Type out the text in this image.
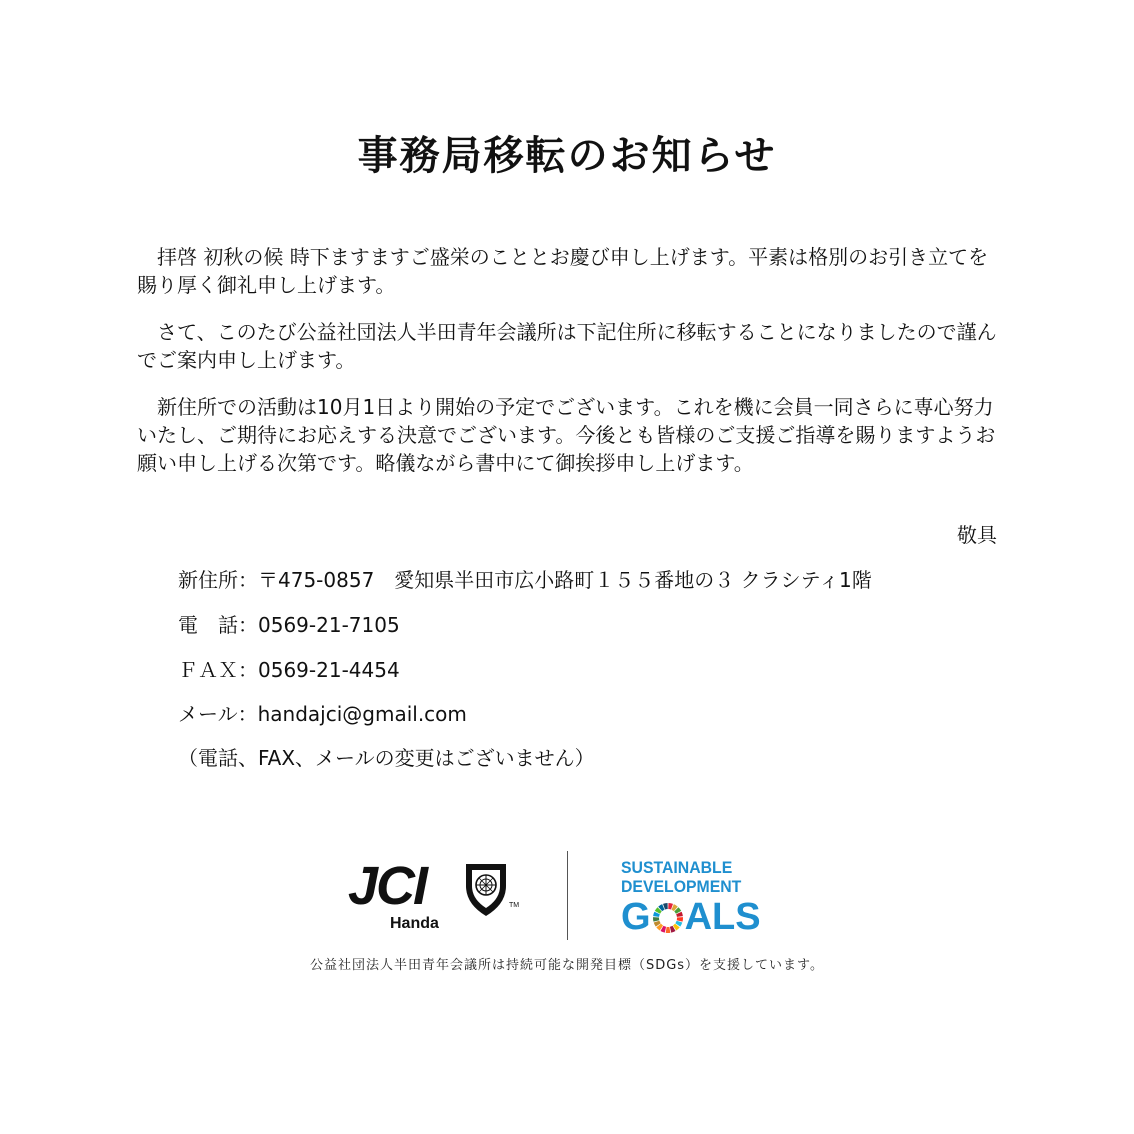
事務局移転のお知らせ

拝啓 初秋の候 時下ますますご盛栄のこととお慶び申し上げます。平素は格別のお引き立てを賜り厚く御礼申し上げます。

さて、このたび公益社団法人半田青年会議所は下記住所に移転することになりましたので謹んでご案内申し上げます。

新住所での活動は10月1日より開始の予定でございます。これを機に会員一同さらに専心努力いたし、ご期待にお応えする決意でございます。今後とも皆様のご支援ご指導を賜りますようお願い申し上げる次第です。略儀ながら書中にて御挨拶申し上げます。

敬具
新住所：〒475-0857　愛知県半田市広小路町１５５番地の３ クラシティ1階
電　話：0569-21-7105
ＦＡＸ：0569-21-4454
メール：handajci@gmail.com
（電話、FAX、メールの変更はございません）
JCI	TM
Handa
SUSTAINABLE
DEVELOPMENT
G ALS
公益社団法人半田青年会議所は持続可能な開発目標（SDGs）を支援しています。
